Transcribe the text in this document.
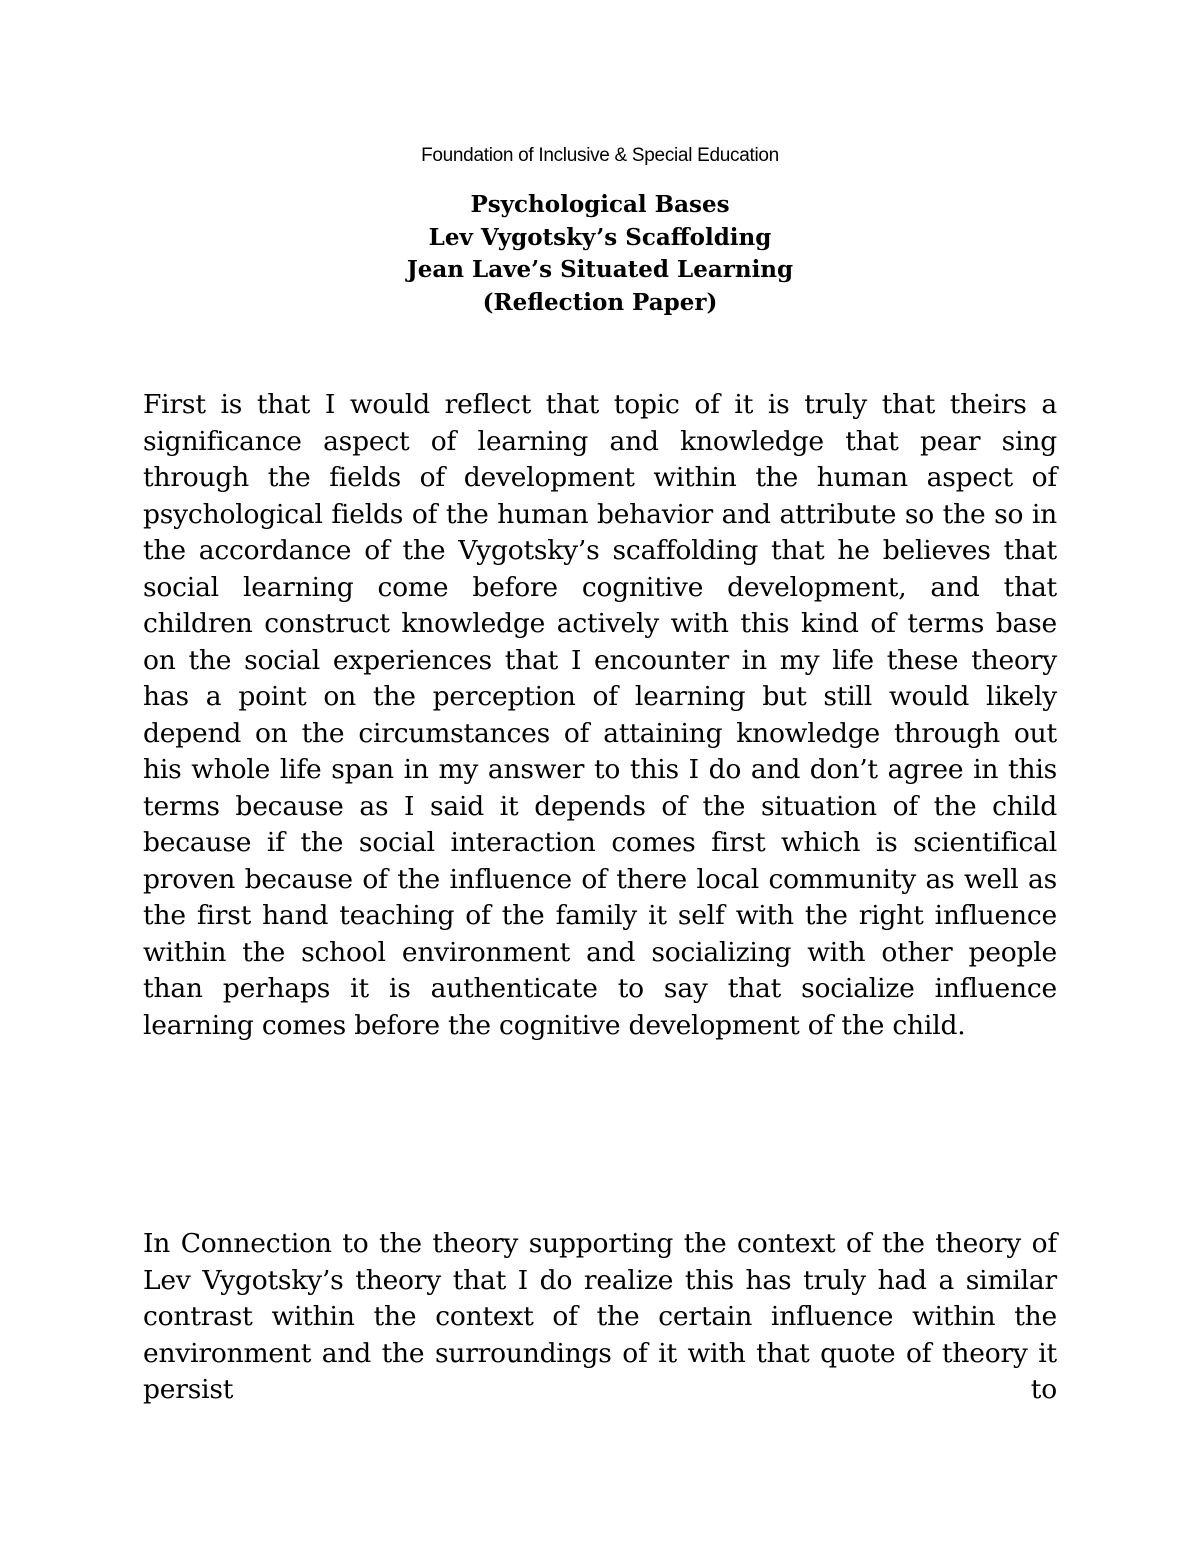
Foundation of Inclusive & Special Education
Psychological Bases
Lev Vygotsky’s Scaffolding
Jean Lave’s Situated Learning
(Reflection Paper)

First is that I would reflect that topic of it is truly that theirs a significance aspect of learning and knowledge that pear sing through the fields of development within the human aspect of psychological fields of the human behavior and attribute so the so in the accordance of the Vygotsky’s scaffolding that he believes that social learning come before cognitive development, and that children construct knowledge actively with this kind of terms base on the social experiences that I encounter in my life these theory has a point on the perception of learning but still would likely depend on the circumstances of attaining knowledge through out his whole life span in my answer to this I do and don’t agree in this terms because as I said it depends of the situation of the child because if the social interaction comes first which is scientifical proven because of the influence of there local community as well as the first hand teaching of the family it self with the right influence within the school environment and socializing with other people than perhaps it is authenticate to say that socialize influence learning comes before the cognitive development of the child.

In Connection to the theory supporting the context of the theory of Lev Vygotsky’s theory that I do realize this has truly had a similar contrast within the context of the certain influence within the environment and the surroundings of it with that quote of theory it persist to
